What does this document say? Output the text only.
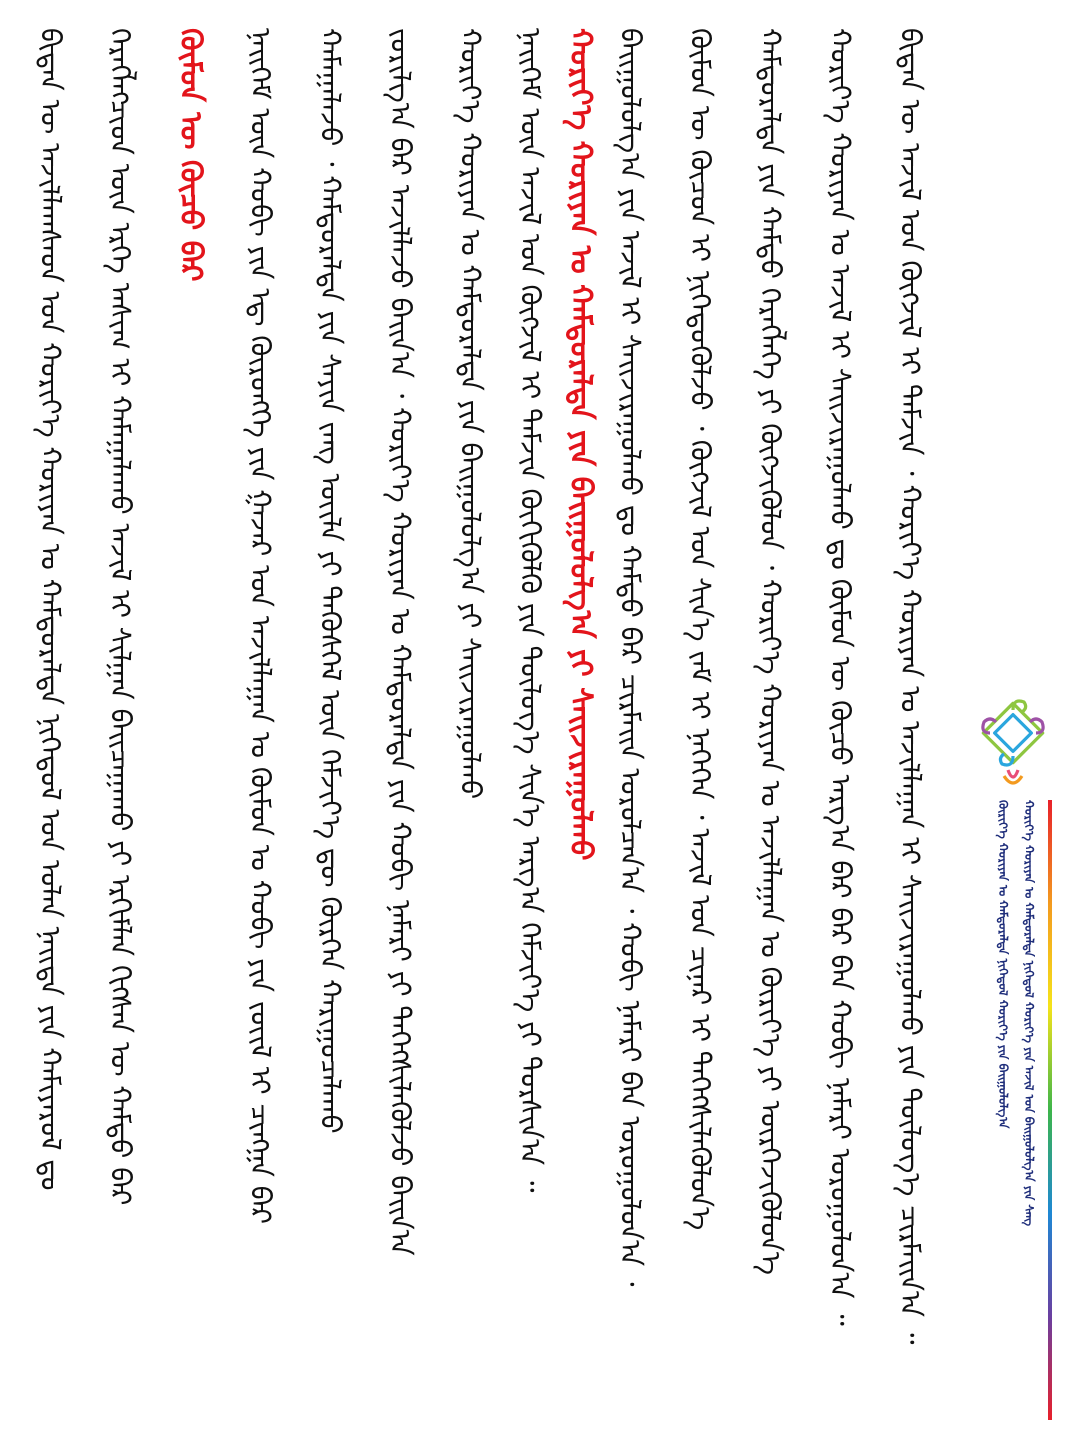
ᠬᠦᠷᠢᠶ᠎ᠡ ᠬᠣᠷᠢᠶᠠᠨ ᠤ ᠬᠠᠮᠲᠤᠷᠠᠯᠲᠠ ᠨᠢᠭᠡᠳᠦᠯ ᠬᠣᠷᠢᠶ᠎ᠡ ᠶᠢᠨ ᠪᠠᠢᠭᠤᠯᠤᠯᠭ᠎ᠠ	ᠬᠣᠷᠢᠶ᠎ᠡ ᠬᠣᠷᠢᠶᠠᠨ ᠤ ᠬᠠᠮᠲᠤᠷᠠᠯᠲᠠ ᠨᠢᠭᠡᠳᠦᠯ ᠬᠣᠷᠢᠶ᠎ᠡ ᠶᠢᠨ ᠠᠵᠢᠯ ᠤᠨ ᠪᠠᠢᠭᠤᠯᠤᠯᠭ᠎ᠠ ᠶᠢᠨ ᠰᠠᠩ
ᠪᠢᠳᠡᠨ ᠦ ᠠᠵᠢᠯᠯᠠᠭᠰᠠᠳ ᠤᠨ ᠬᠣᠷᠢᠶ᠎ᠡ ᠬᠣᠷᠢᠶᠠᠨ ᠤ ᠬᠠᠮᠲᠤᠷᠠᠯᠲᠠ ᠨᠢᠭᠡᠳᠦᠯ ᠤᠨ ᠣᠯᠠᠨ ᠨᠡᠢᠲᠡ ᠶᠢᠨ ᠬᠠᠮᠢᠶᠠᠷᠤᠯ ᠳᠤ ᠬᠡᠷᠡᠭᠯᠡᠭᠴᠢᠳ ᠦᠨ ᠡᠷᠬᠡ ᠠᠰᠢᠭ ᠢ ᠬᠠᠮᠠᠭᠠᠯᠠᠬᠤ ᠠᠵᠢᠯ ᠢ ᠰᠢᠯᠭᠠᠨ ᠪᠠᠢᠴᠠᠭᠠᠬᠤ ᠶᠢ ᠡᠷᠬᠢᠮᠯᠡᠨ ᠬᠢᠭᠰᠡᠨ ᠦ ᠬᠠᠮᠲᠤ ᠪᠠᠷ ᠬᠦᠮᠦᠨ ᠦ ᠬᠦᠴᠦ ᠪᠠᠷ ᠨᠡᠢᠭᠡᠮ ᠦᠨ ᠬᠤᠪᠢ ᠶᠢᠨ ᠡᠳ᠋ ᠬᠥᠷᠦᠩᠭᠡ ᠶᠢᠨ ᠭᠠᠵᠠᠷ ᠤᠨ ᠠᠵᠢᠯᠯᠠᠭᠠᠨ ᠤ ᠬᠦᠮᠦᠨ ᠤ ᠬᠤᠪᠢ ᠶᠢᠨ ᠵᠦᠢᠯ ᠢ ᠴᠢᠩᠭᠠ ᠪᠠᠷ ᠬᠠᠮᠠᠭᠠᠯᠠᠵᠤ ᠂ ᠬᠠᠮᠲᠤᠷᠠᠯᠲᠠ ᠶᠢᠨ ᠰᠠᠶᠢᠨ ᠵᠠᠩ ᠦᠢᠯᠡ ᠶᠢ ᠲᠡᠭᠦᠰᠬᠡᠯ ᠦᠨ ᠬᠡᠮᠵᠢᠶ᠎ᠡ ᠳᠦ ᠬᠦᠷᠭᠡᠨ ᠬᠠᠷᠢᠭᠤᠴᠠᠯᠠᠬᠤ ᠵᠤᠷᠢᠯᠭ᠎ᠠ ᠪᠠᠷ ᠠᠵᠢᠯᠯᠠᠵᠤ ᠪᠠᠢᠨ᠎ᠠ ᠂ ᠬᠣᠷᠢᠶ᠎ᠡ ᠬᠣᠷᠢᠶᠠᠨ ᠤ ᠬᠠᠮᠲᠤᠷᠠᠯᠲᠠ ᠶᠢᠨ ᠬᠤᠪᠢ ᠨᠡᠮᠡᠷᠢ ᠶᠢ ᠳᠡᠭᠡᠭᠰᠢᠯᠡᠭᠦᠯᠵᠦ ᠪᠠᠢᠨ᠎ᠠ ᠬᠣᠷᠢᠶ᠎ᠡ ᠬᠣᠷᠢᠶᠠᠨ ᠤ ᠬᠠᠮᠲᠤᠷᠠᠯᠲᠠ ᠶᠢᠨ ᠪᠠᠢᠭᠤᠯᠤᠯᠭ᠎ᠠ ᠶᠢ ᠰᠠᠢᠵᠢᠷᠠᠭᠤᠯᠬᠤ ᠨᠡᠢᠭᠡᠮ ᠦᠨ ᠠᠵᠢᠯ ᠤᠨ ᠬᠥᠭᠵᠢᠯ ᠢ ᠳᠡᠮᠵᠢᠨ ᠬᠥᠬᠢᠭᠦᠯᠬᠦ ᠶᠢᠨ ᠲᠥᠯᠥᠭ᠎ᠡ ᠰᠢᠨ᠎ᠡ ᠠᠷᠭ᠎ᠠ ᠬᠡᠮᠵᠢᠶ᠎ᠡ ᠶᠢ ᠲᠤᠷᠰᠢᠨ᠎ᠠ ᠃ ᠬᠣᠷᠢᠶ᠎ᠡ ᠬᠣᠷᠢᠶᠠᠨ ᠤ ᠬᠠᠮᠲᠤᠷᠠᠯᠲᠠ ᠶᠢᠨ ᠪᠠᠢᠭᠤᠯᠤᠯᠭ᠎ᠠ ᠶᠢ ᠰᠠᠢᠵᠢᠷᠠᠭᠤᠯᠬᠤ ᠪᠠᠢᠭᠤᠯᠤᠯᠭ᠎ᠠ ᠶᠢᠨ ᠠᠵᠢᠯ ᠢ ᠰᠠᠢᠵᠢᠷᠠᠭᠤᠯᠬᠤ ᠳᠤ ᠬᠠᠮᠲᠤ ᠪᠠᠷ ᠴᠢᠷᠮᠠᠢᠨ ᠣᠷᠤᠯᠴᠠᠨ᠎ᠠ ᠂ ᠬᠤᠪᠢ ᠨᠡᠮᠡᠷᠢ ᠪᠡᠨ ᠣᠷᠣᠭᠤᠯᠤᠨ᠎ᠠ ᠂ ᠬᠦᠮᠦᠨ ᠦ ᠬᠦᠴᠦᠨ ᠢ ᠨᠢᠭᠡᠳᠦᠭᠦᠯᠵᠦ ᠂ ᠬᠥᠭᠵᠢᠯ ᠤᠨ ᠰᠢᠨ᠎ᠡ ᠵᠠᠮ ᠢ ᠨᠡᠭᠡᠭᠡᠨ ᠂ ᠠᠵᠢᠯ ᠤᠨ ᠴᠢᠨᠠᠷ ᠢ ᠳᠡᠭᠡᠭᠰᠢᠯᠡᠭᠦᠯᠦᠨ᠎ᠡ ᠬᠠᠮᠲᠤᠷᠠᠯᠲᠠ ᠶᠢᠨ ᠬᠠᠮᠲᠤ ᠬᠡᠷᠡᠭᠯᠡᠭᠡ ᠶᠢ ᠬᠥᠭᠵᠢᠭᠦᠯᠦᠨ ᠂ ᠬᠣᠷᠢᠶ᠎ᠡ ᠬᠣᠷᠢᠶᠠᠨ ᠤ ᠠᠵᠢᠯᠯᠠᠭᠠᠨ ᠤ ᠬᠦᠷᠢᠶ᠎ᠡ ᠶᠢ ᠥᠷᠭᠡᠵᠢᠭᠦᠯᠦᠨ᠎ᠡ ᠬᠣᠷᠢᠶ᠎ᠡ ᠬᠣᠷᠢᠶᠠᠨ ᠤ ᠠᠵᠢᠯ ᠢ ᠰᠠᠢᠵᠢᠷᠠᠭᠤᠯᠬᠤ ᠳᠤ ᠬᠦᠮᠦᠨ ᠦ ᠬᠦᠴᠦ ᠠᠷᠭ᠎ᠠ ᠪᠠᠷ ᠪᠠᠷ ᠪᠡᠨ ᠬᠤᠪᠢ ᠨᠡᠮᠡᠷᠢ ᠣᠷᠣᠭᠤᠯᠤᠨ᠎ᠠ ᠃ ᠪᠢᠳᠡᠨ ᠦ ᠠᠵᠢᠯ ᠤᠨ ᠬᠥᠭᠵᠢᠯ ᠢ ᠳᠡᠮᠵᠢᠨ ᠂ ᠬᠣᠷᠢᠶ᠎ᠡ ᠬᠣᠷᠢᠶᠠᠨ ᠤ ᠠᠵᠢᠯᠯᠠᠭᠠᠨ ᠢ ᠰᠠᠢᠵᠢᠷᠠᠭᠤᠯᠬᠤ ᠶᠢᠨ ᠲᠥᠯᠥᠭ᠎ᠡ ᠴᠢᠷᠮᠠᠢᠨ᠎ᠠ ᠃
